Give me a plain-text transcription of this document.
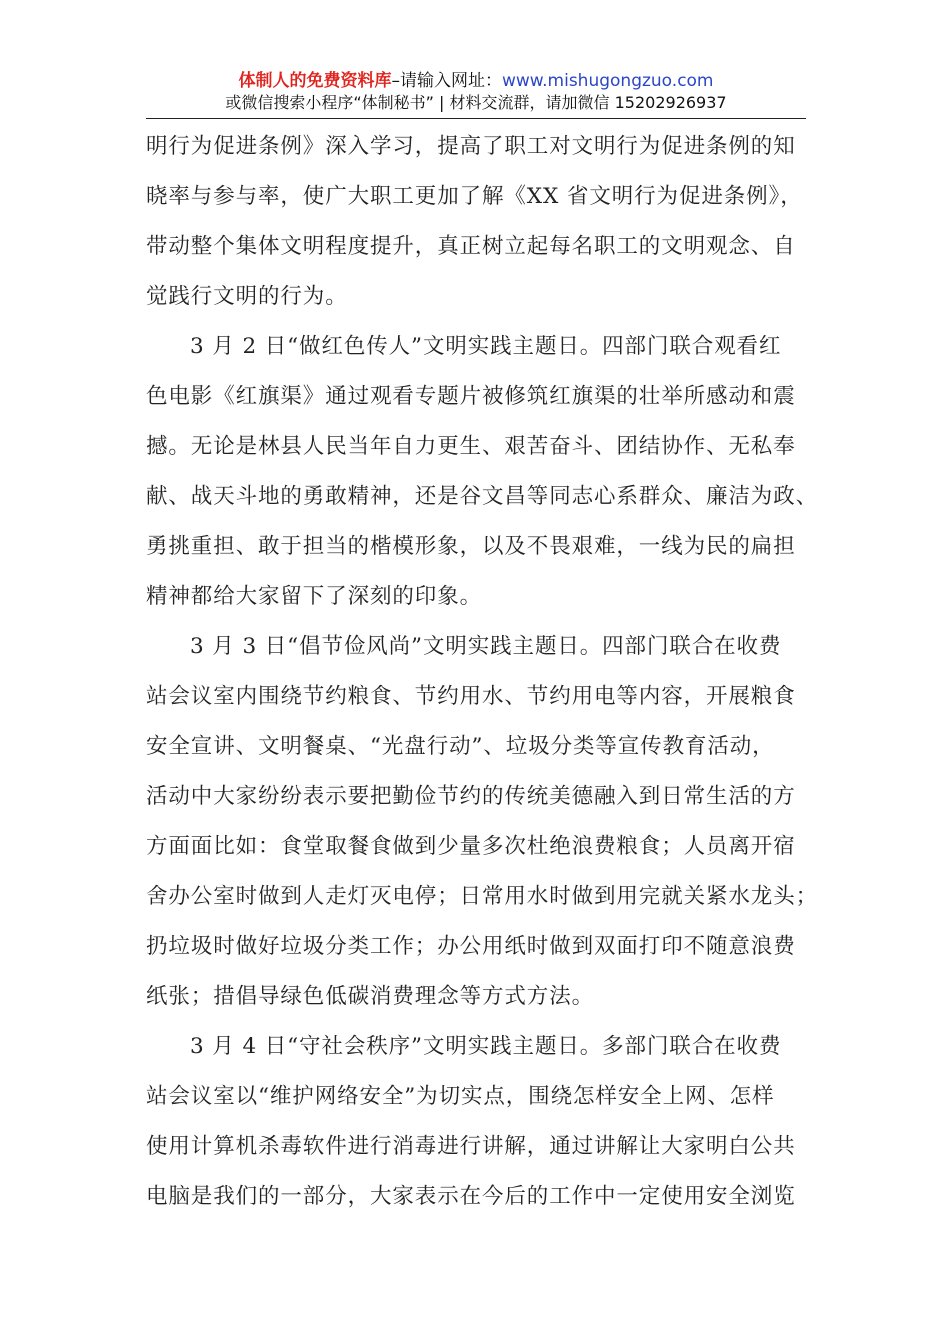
体制人的免费资料库–请输入网址：www.mishugongzuo.com
或微信搜索小程序“体制秘书” | 材料交流群，请加微信 15202926937
明行为促进条例》深入学习，提高了职工对文明行为促进条例的知
晓率与参与率，使广大职工更加了解《XX 省文明行为促进条例》，
带动整个集体文明程度提升，真正树立起每名职工的文明观念、自
觉践行文明的行为。
3 月 2 日“做红色传人”文明实践主题日。四部门联合观看红
色电影《红旗渠》通过观看专题片被修筑红旗渠的壮举所感动和震
撼。无论是林县人民当年自力更生、艰苦奋斗、团结协作、无私奉
献、战天斗地的勇敢精神，还是谷文昌等同志心系群众、廉洁为政、
勇挑重担、敢于担当的楷模形象，以及不畏艰难，一线为民的扁担
精神都给大家留下了深刻的印象。
3 月 3 日“倡节俭风尚”文明实践主题日。四部门联合在收费
站会议室内围绕节约粮食、节约用水、节约用电等内容，开展粮食
安全宣讲、文明餐桌、“光盘行动”、垃圾分类等宣传教育活动，
活动中大家纷纷表示要把勤俭节约的传统美德融入到日常生活的方
方面面比如：食堂取餐食做到少量多次杜绝浪费粮食；人员离开宿
舍办公室时做到人走灯灭电停；日常用水时做到用完就关紧水龙头；
扔垃圾时做好垃圾分类工作；办公用纸时做到双面打印不随意浪费
纸张；措倡导绿色低碳消费理念等方式方法。
3 月 4 日“守社会秩序”文明实践主题日。多部门联合在收费
站会议室以“维护网络安全”为切实点，围绕怎样安全上网、怎样
使用计算机杀毒软件进行消毒进行讲解，通过讲解让大家明白公共
电脑是我们的一部分，大家表示在今后的工作中一定使用安全浏览
